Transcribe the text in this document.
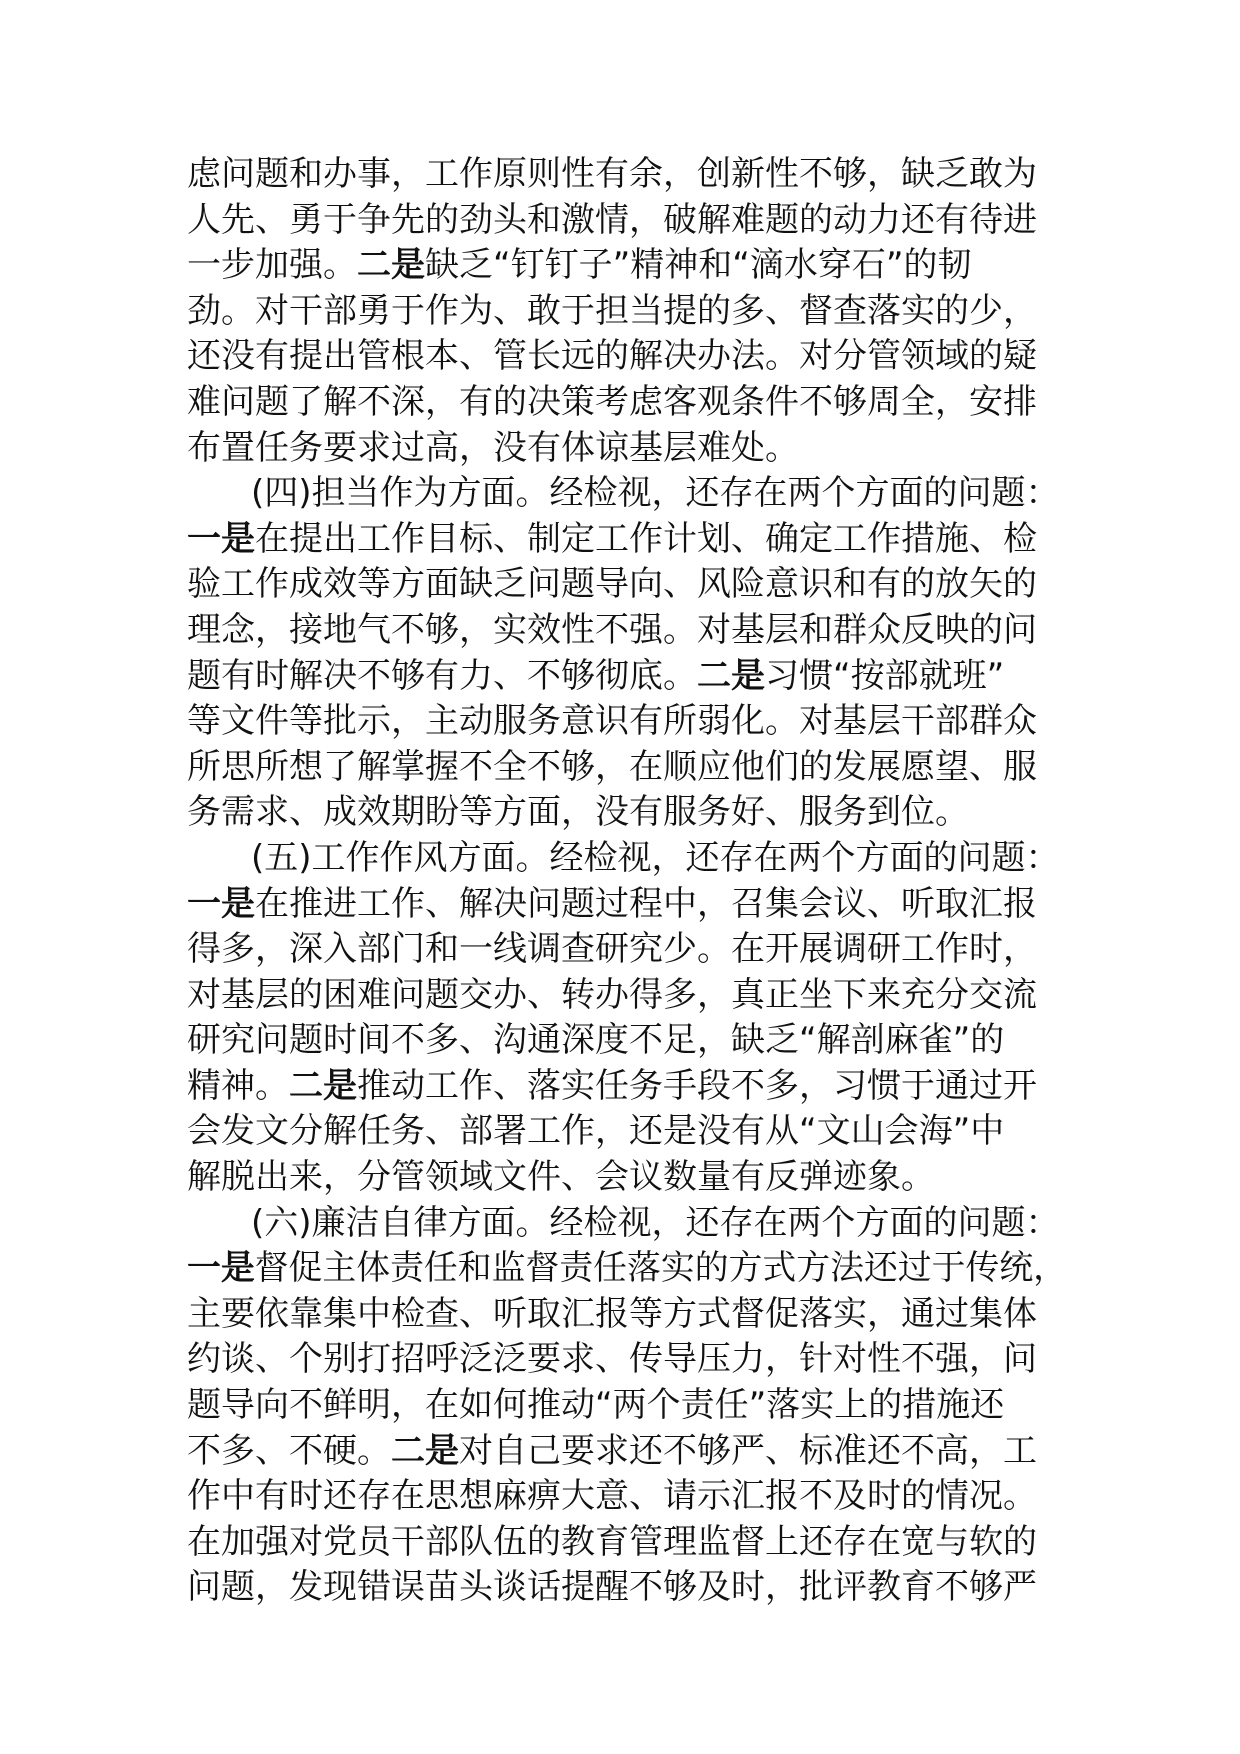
虑问题和办事，工作原则性有余，创新性不够，缺乏敢为
人先、勇于争先的劲头和激情，破解难题的动力还有待进
一步加强。二是缺乏“钉钉子”精神和“滴水穿石”的韧
劲。对干部勇于作为、敢于担当提的多、督查落实的少，
还没有提出管根本、管长远的解决办法。对分管领域的疑
难问题了解不深，有的决策考虑客观条件不够周全，安排
布置任务要求过高，没有体谅基层难处。
(四)担当作为方面。经检视，还存在两个方面的问题：
一是在提出工作目标、制定工作计划、确定工作措施、检
验工作成效等方面缺乏问题导向、风险意识和有的放矢的
理念，接地气不够，实效性不强。对基层和群众反映的问
题有时解决不够有力、不够彻底。二是习惯“按部就班”
等文件等批示，主动服务意识有所弱化。对基层干部群众
所思所想了解掌握不全不够，在顺应他们的发展愿望、服
务需求、成效期盼等方面，没有服务好、服务到位。
(五)工作作风方面。经检视，还存在两个方面的问题：
一是在推进工作、解决问题过程中，召集会议、听取汇报
得多，深入部门和一线调查研究少。在开展调研工作时，
对基层的困难问题交办、转办得多，真正坐下来充分交流
研究问题时间不多、沟通深度不足，缺乏“解剖麻雀”的
精神。二是推动工作、落实任务手段不多，习惯于通过开
会发文分解任务、部署工作，还是没有从“文山会海”中
解脱出来，分管领域文件、会议数量有反弹迹象。
(六)廉洁自律方面。经检视，还存在两个方面的问题：
一是督促主体责任和监督责任落实的方式方法还过于传统，
主要依靠集中检查、听取汇报等方式督促落实，通过集体
约谈、个别打招呼泛泛要求、传导压力，针对性不强，问
题导向不鲜明，在如何推动“两个责任”落实上的措施还
不多、不硬。二是对自己要求还不够严、标准还不高，工
作中有时还存在思想麻痹大意、请示汇报不及时的情况。
在加强对党员干部队伍的教育管理监督上还存在宽与软的
问题，发现错误苗头谈话提醒不够及时，批评教育不够严
